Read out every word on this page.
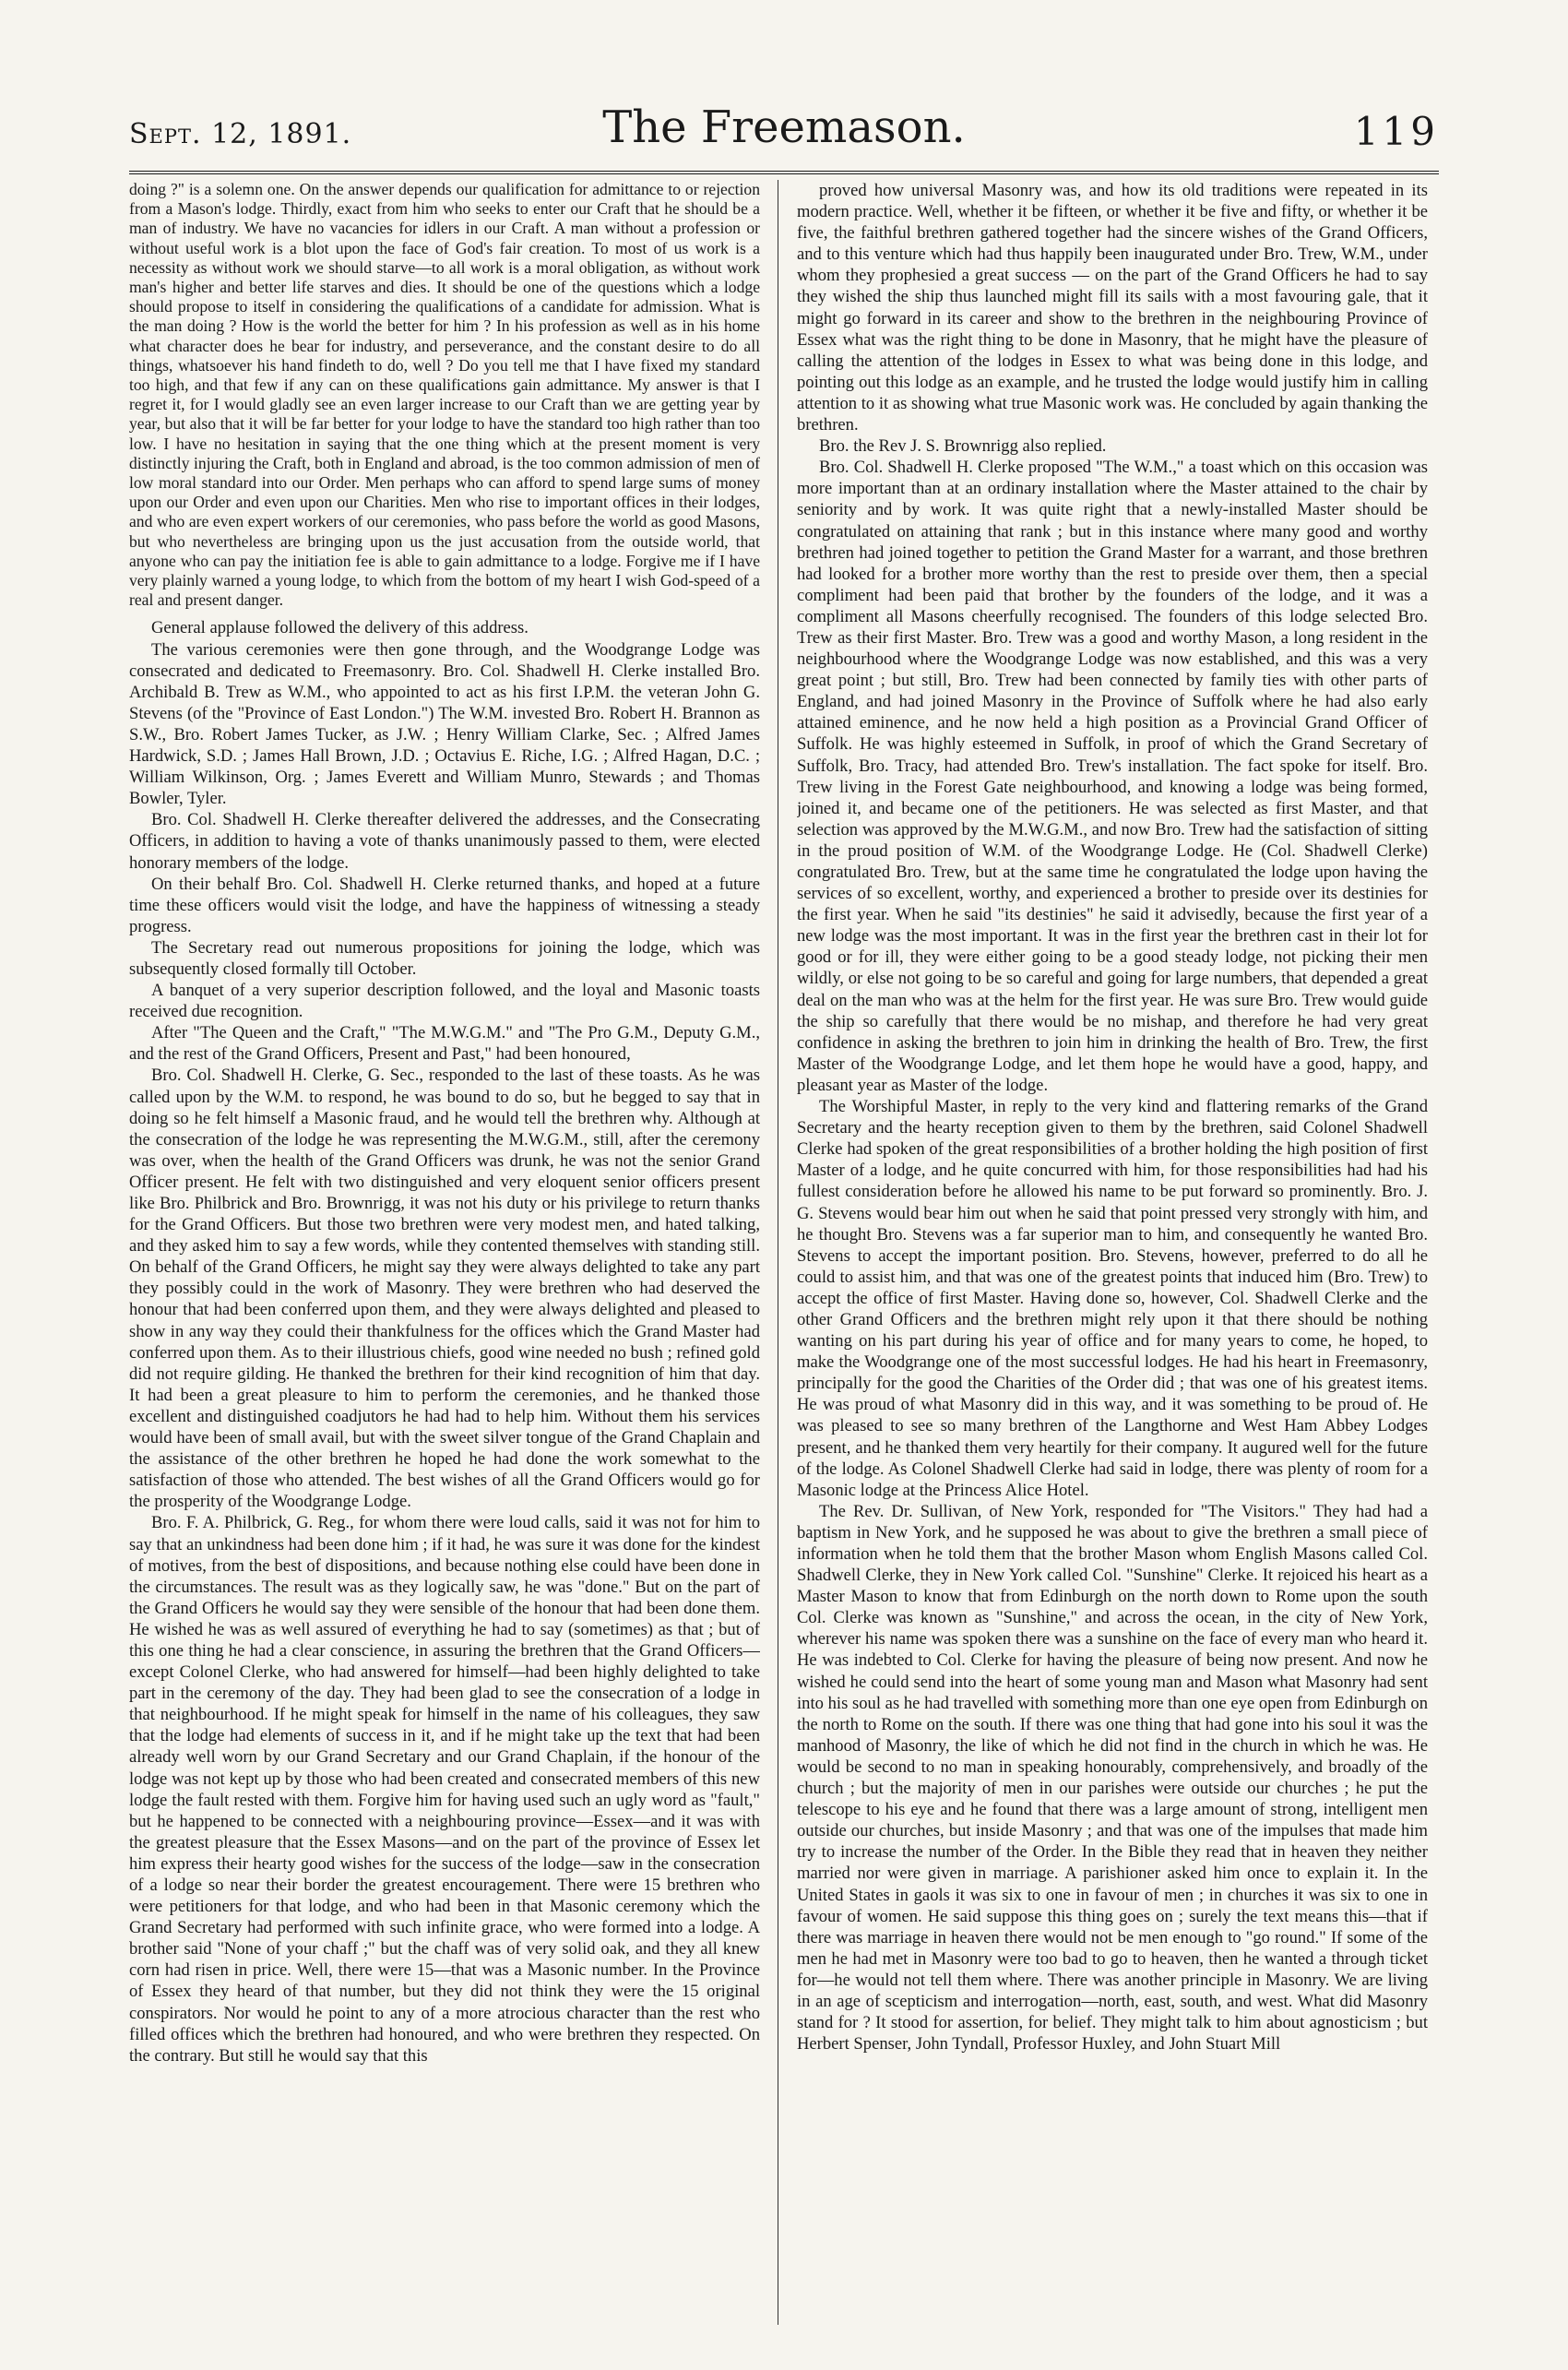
Sept. 12, 1891.	The Freemason.	119

doing ?" is a solemn one. On the answer depends our qualification for admittance to or rejection from a Mason's lodge. Thirdly, exact from him who seeks to enter our Craft that he should be a man of industry. We have no vacancies for idlers in our Craft. A man without a profession or without useful work is a blot upon the face of God's fair creation. To most of us work is a necessity as without work we should starve—to all work is a moral obligation, as without work man's higher and better life starves and dies. It should be one of the questions which a lodge should propose to itself in considering the qualifications of a candidate for admission. What is the man doing ? How is the world the better for him ? In his profession as well as in his home what character does he bear for industry, and perseverance, and the constant desire to do all things, whatsoever his hand findeth to do, well ? Do you tell me that I have fixed my standard too high, and that few if any can on these qualifications gain admittance. My answer is that I regret it, for I would gladly see an even larger increase to our Craft than we are getting year by year, but also that it will be far better for your lodge to have the standard too high rather than too low. I have no hesitation in saying that the one thing which at the present moment is very distinctly injuring the Craft, both in England and abroad, is the too common admission of men of low moral standard into our Order. Men perhaps who can afford to spend large sums of money upon our Order and even upon our Charities. Men who rise to important offices in their lodges, and who are even expert workers of our ceremonies, who pass before the world as good Masons, but who nevertheless are bringing upon us the just accusation from the outside world, that anyone who can pay the initiation fee is able to gain admittance to a lodge. Forgive me if I have very plainly warned a young lodge, to which from the bottom of my heart I wish God-speed of a real and present danger.

General applause followed the delivery of this address.

The various ceremonies were then gone through, and the Woodgrange Lodge was consecrated and dedicated to Freemasonry. Bro. Col. Shadwell H. Clerke installed Bro. Archibald B. Trew as W.M., who appointed to act as his first I.P.M. the veteran John G. Stevens (of the "Province of East London.") The W.M. invested Bro. Robert H. Brannon as S.W., Bro. Robert James Tucker, as J.W. ; Henry William Clarke, Sec. ; Alfred James Hardwick, S.D. ; James Hall Brown, J.D. ; Octavius E. Riche, I.G. ; Alfred Hagan, D.C. ; William Wilkinson, Org. ; James Everett and William Munro, Stewards ; and Thomas Bowler, Tyler.

Bro. Col. Shadwell H. Clerke thereafter delivered the addresses, and the Consecrating Officers, in addition to having a vote of thanks unanimously passed to them, were elected honorary members of the lodge.

On their behalf Bro. Col. Shadwell H. Clerke returned thanks, and hoped at a future time these officers would visit the lodge, and have the happiness of witnessing a steady progress.

The Secretary read out numerous propositions for joining the lodge, which was subsequently closed formally till October.

A banquet of a very superior description followed, and the loyal and Masonic toasts received due recognition.

After "The Queen and the Craft," "The M.W.G.M." and "The Pro G.M., Deputy G.M., and the rest of the Grand Officers, Present and Past," had been honoured,

Bro. Col. Shadwell H. Clerke, G. Sec., responded to the last of these toasts. As he was called upon by the W.M. to respond, he was bound to do so, but he begged to say that in doing so he felt himself a Masonic fraud, and he would tell the brethren why. Although at the consecration of the lodge he was representing the M.W.G.M., still, after the ceremony was over, when the health of the Grand Officers was drunk, he was not the senior Grand Officer present. He felt with two distinguished and very eloquent senior officers present like Bro. Philbrick and Bro. Brownrigg, it was not his duty or his privilege to return thanks for the Grand Officers. But those two brethren were very modest men, and hated talking, and they asked him to say a few words, while they contented themselves with standing still. On behalf of the Grand Officers, he might say they were always delighted to take any part they possibly could in the work of Masonry. They were brethren who had deserved the honour that had been conferred upon them, and they were always delighted and pleased to show in any way they could their thankfulness for the offices which the Grand Master had conferred upon them. As to their illustrious chiefs, good wine needed no bush ; refined gold did not require gilding. He thanked the brethren for their kind recognition of him that day. It had been a great pleasure to him to perform the ceremonies, and he thanked those excellent and distinguished coadjutors he had had to help him. Without them his services would have been of small avail, but with the sweet silver tongue of the Grand Chaplain and the assistance of the other brethren he hoped he had done the work somewhat to the satisfaction of those who attended. The best wishes of all the Grand Officers would go for the prosperity of the Woodgrange Lodge.

Bro. F. A. Philbrick, G. Reg., for whom there were loud calls, said it was not for him to say that an unkindness had been done him ; if it had, he was sure it was done for the kindest of motives, from the best of dispositions, and because nothing else could have been done in the circumstances. The result was as they logically saw, he was "done." But on the part of the Grand Officers he would say they were sensible of the honour that had been done them. He wished he was as well assured of everything he had to say (sometimes) as that ; but of this one thing he had a clear conscience, in assuring the brethren that the Grand Officers—except Colonel Clerke, who had answered for himself—had been highly delighted to take part in the ceremony of the day. They had been glad to see the consecration of a lodge in that neighbourhood. If he might speak for himself in the name of his colleagues, they saw that the lodge had elements of success in it, and if he might take up the text that had been already well worn by our Grand Secretary and our Grand Chaplain, if the honour of the lodge was not kept up by those who had been created and consecrated members of this new lodge the fault rested with them. Forgive him for having used such an ugly word as "fault," but he happened to be connected with a neighbouring province—Essex—and it was with the greatest pleasure that the Essex Masons—and on the part of the province of Essex let him express their hearty good wishes for the success of the lodge—saw in the consecration of a lodge so near their border the greatest encouragement. There were 15 brethren who were petitioners for that lodge, and who had been in that Masonic ceremony which the Grand Secretary had performed with such infinite grace, who were formed into a lodge. A brother said "None of your chaff ;" but the chaff was of very solid oak, and they all knew corn had risen in price. Well, there were 15—that was a Masonic number. In the Province of Essex they heard of that number, but they did not think they were the 15 original conspirators. Nor would he point to any of a more atrocious character than the rest who filled offices which the brethren had honoured, and who were brethren they respected. On the contrary. But still he would say that this

proved how universal Masonry was, and how its old traditions were repeated in its modern practice. Well, whether it be fifteen, or whether it be five and fifty, or whether it be five, the faithful brethren gathered together had the sincere wishes of the Grand Officers, and to this venture which had thus happily been inaugurated under Bro. Trew, W.M., under whom they prophesied a great success — on the part of the Grand Officers he had to say they wished the ship thus launched might fill its sails with a most favouring gale, that it might go forward in its career and show to the brethren in the neighbouring Province of Essex what was the right thing to be done in Masonry, that he might have the pleasure of calling the attention of the lodges in Essex to what was being done in this lodge, and pointing out this lodge as an example, and he trusted the lodge would justify him in calling attention to it as showing what true Masonic work was. He concluded by again thanking the brethren.

Bro. the Rev J. S. Brownrigg also replied.

Bro. Col. Shadwell H. Clerke proposed "The W.M.," a toast which on this occasion was more important than at an ordinary installation where the Master attained to the chair by seniority and by work. It was quite right that a newly-installed Master should be congratulated on attaining that rank ; but in this instance where many good and worthy brethren had joined together to petition the Grand Master for a warrant, and those brethren had looked for a brother more worthy than the rest to preside over them, then a special compliment had been paid that brother by the founders of the lodge, and it was a compliment all Masons cheerfully recognised. The founders of this lodge selected Bro. Trew as their first Master. Bro. Trew was a good and worthy Mason, a long resident in the neighbourhood where the Woodgrange Lodge was now established, and this was a very great point ; but still, Bro. Trew had been connected by family ties with other parts of England, and had joined Masonry in the Province of Suffolk where he had also early attained eminence, and he now held a high position as a Provincial Grand Officer of Suffolk. He was highly esteemed in Suffolk, in proof of which the Grand Secretary of Suffolk, Bro. Tracy, had attended Bro. Trew's installation. The fact spoke for itself. Bro. Trew living in the Forest Gate neighbourhood, and knowing a lodge was being formed, joined it, and became one of the petitioners. He was selected as first Master, and that selection was approved by the M.W.G.M., and now Bro. Trew had the satisfaction of sitting in the proud position of W.M. of the Woodgrange Lodge. He (Col. Shadwell Clerke) congratulated Bro. Trew, but at the same time he congratulated the lodge upon having the services of so excellent, worthy, and experienced a brother to preside over its destinies for the first year. When he said "its destinies" he said it advisedly, because the first year of a new lodge was the most important. It was in the first year the brethren cast in their lot for good or for ill, they were either going to be a good steady lodge, not picking their men wildly, or else not going to be so careful and going for large numbers, that depended a great deal on the man who was at the helm for the first year. He was sure Bro. Trew would guide the ship so carefully that there would be no mishap, and therefore he had very great confidence in asking the brethren to join him in drinking the health of Bro. Trew, the first Master of the Woodgrange Lodge, and let them hope he would have a good, happy, and pleasant year as Master of the lodge.

The Worshipful Master, in reply to the very kind and flattering remarks of the Grand Secretary and the hearty reception given to them by the brethren, said Colonel Shadwell Clerke had spoken of the great responsibilities of a brother holding the high position of first Master of a lodge, and he quite concurred with him, for those responsibilities had had his fullest consideration before he allowed his name to be put forward so prominently. Bro. J. G. Stevens would bear him out when he said that point pressed very strongly with him, and he thought Bro. Stevens was a far superior man to him, and consequently he wanted Bro. Stevens to accept the important position. Bro. Stevens, however, preferred to do all he could to assist him, and that was one of the greatest points that induced him (Bro. Trew) to accept the office of first Master. Having done so, however, Col. Shadwell Clerke and the other Grand Officers and the brethren might rely upon it that there should be nothing wanting on his part during his year of office and for many years to come, he hoped, to make the Woodgrange one of the most successful lodges. He had his heart in Freemasonry, principally for the good the Charities of the Order did ; that was one of his greatest items. He was proud of what Masonry did in this way, and it was something to be proud of. He was pleased to see so many brethren of the Langthorne and West Ham Abbey Lodges present, and he thanked them very heartily for their company. It augured well for the future of the lodge. As Colonel Shadwell Clerke had said in lodge, there was plenty of room for a Masonic lodge at the Princess Alice Hotel.

The Rev. Dr. Sullivan, of New York, responded for "The Visitors." They had had a baptism in New York, and he supposed he was about to give the brethren a small piece of information when he told them that the brother Mason whom English Masons called Col. Shadwell Clerke, they in New York called Col. "Sunshine" Clerke. It rejoiced his heart as a Master Mason to know that from Edinburgh on the north down to Rome upon the south Col. Clerke was known as "Sunshine," and across the ocean, in the city of New York, wherever his name was spoken there was a sunshine on the face of every man who heard it. He was indebted to Col. Clerke for having the pleasure of being now present. And now he wished he could send into the heart of some young man and Mason what Masonry had sent into his soul as he had travelled with something more than one eye open from Edinburgh on the north to Rome on the south. If there was one thing that had gone into his soul it was the manhood of Masonry, the like of which he did not find in the church in which he was. He would be second to no man in speaking honourably, comprehensively, and broadly of the church ; but the majority of men in our parishes were outside our churches ; he put the telescope to his eye and he found that there was a large amount of strong, intelligent men outside our churches, but inside Masonry ; and that was one of the impulses that made him try to increase the number of the Order. In the Bible they read that in heaven they neither married nor were given in marriage. A parishioner asked him once to explain it. In the United States in gaols it was six to one in favour of men ; in churches it was six to one in favour of women. He said suppose this thing goes on ; surely the text means this—that if there was marriage in heaven there would not be men enough to "go round." If some of the men he had met in Masonry were too bad to go to heaven, then he wanted a through ticket for—he would not tell them where. There was another principle in Masonry. We are living in an age of scepticism and interrogation—north, east, south, and west. What did Masonry stand for ? It stood for assertion, for belief. They might talk to him about agnosticism ; but Herbert Spenser, John Tyndall, Professor Huxley, and John Stuart Mill
